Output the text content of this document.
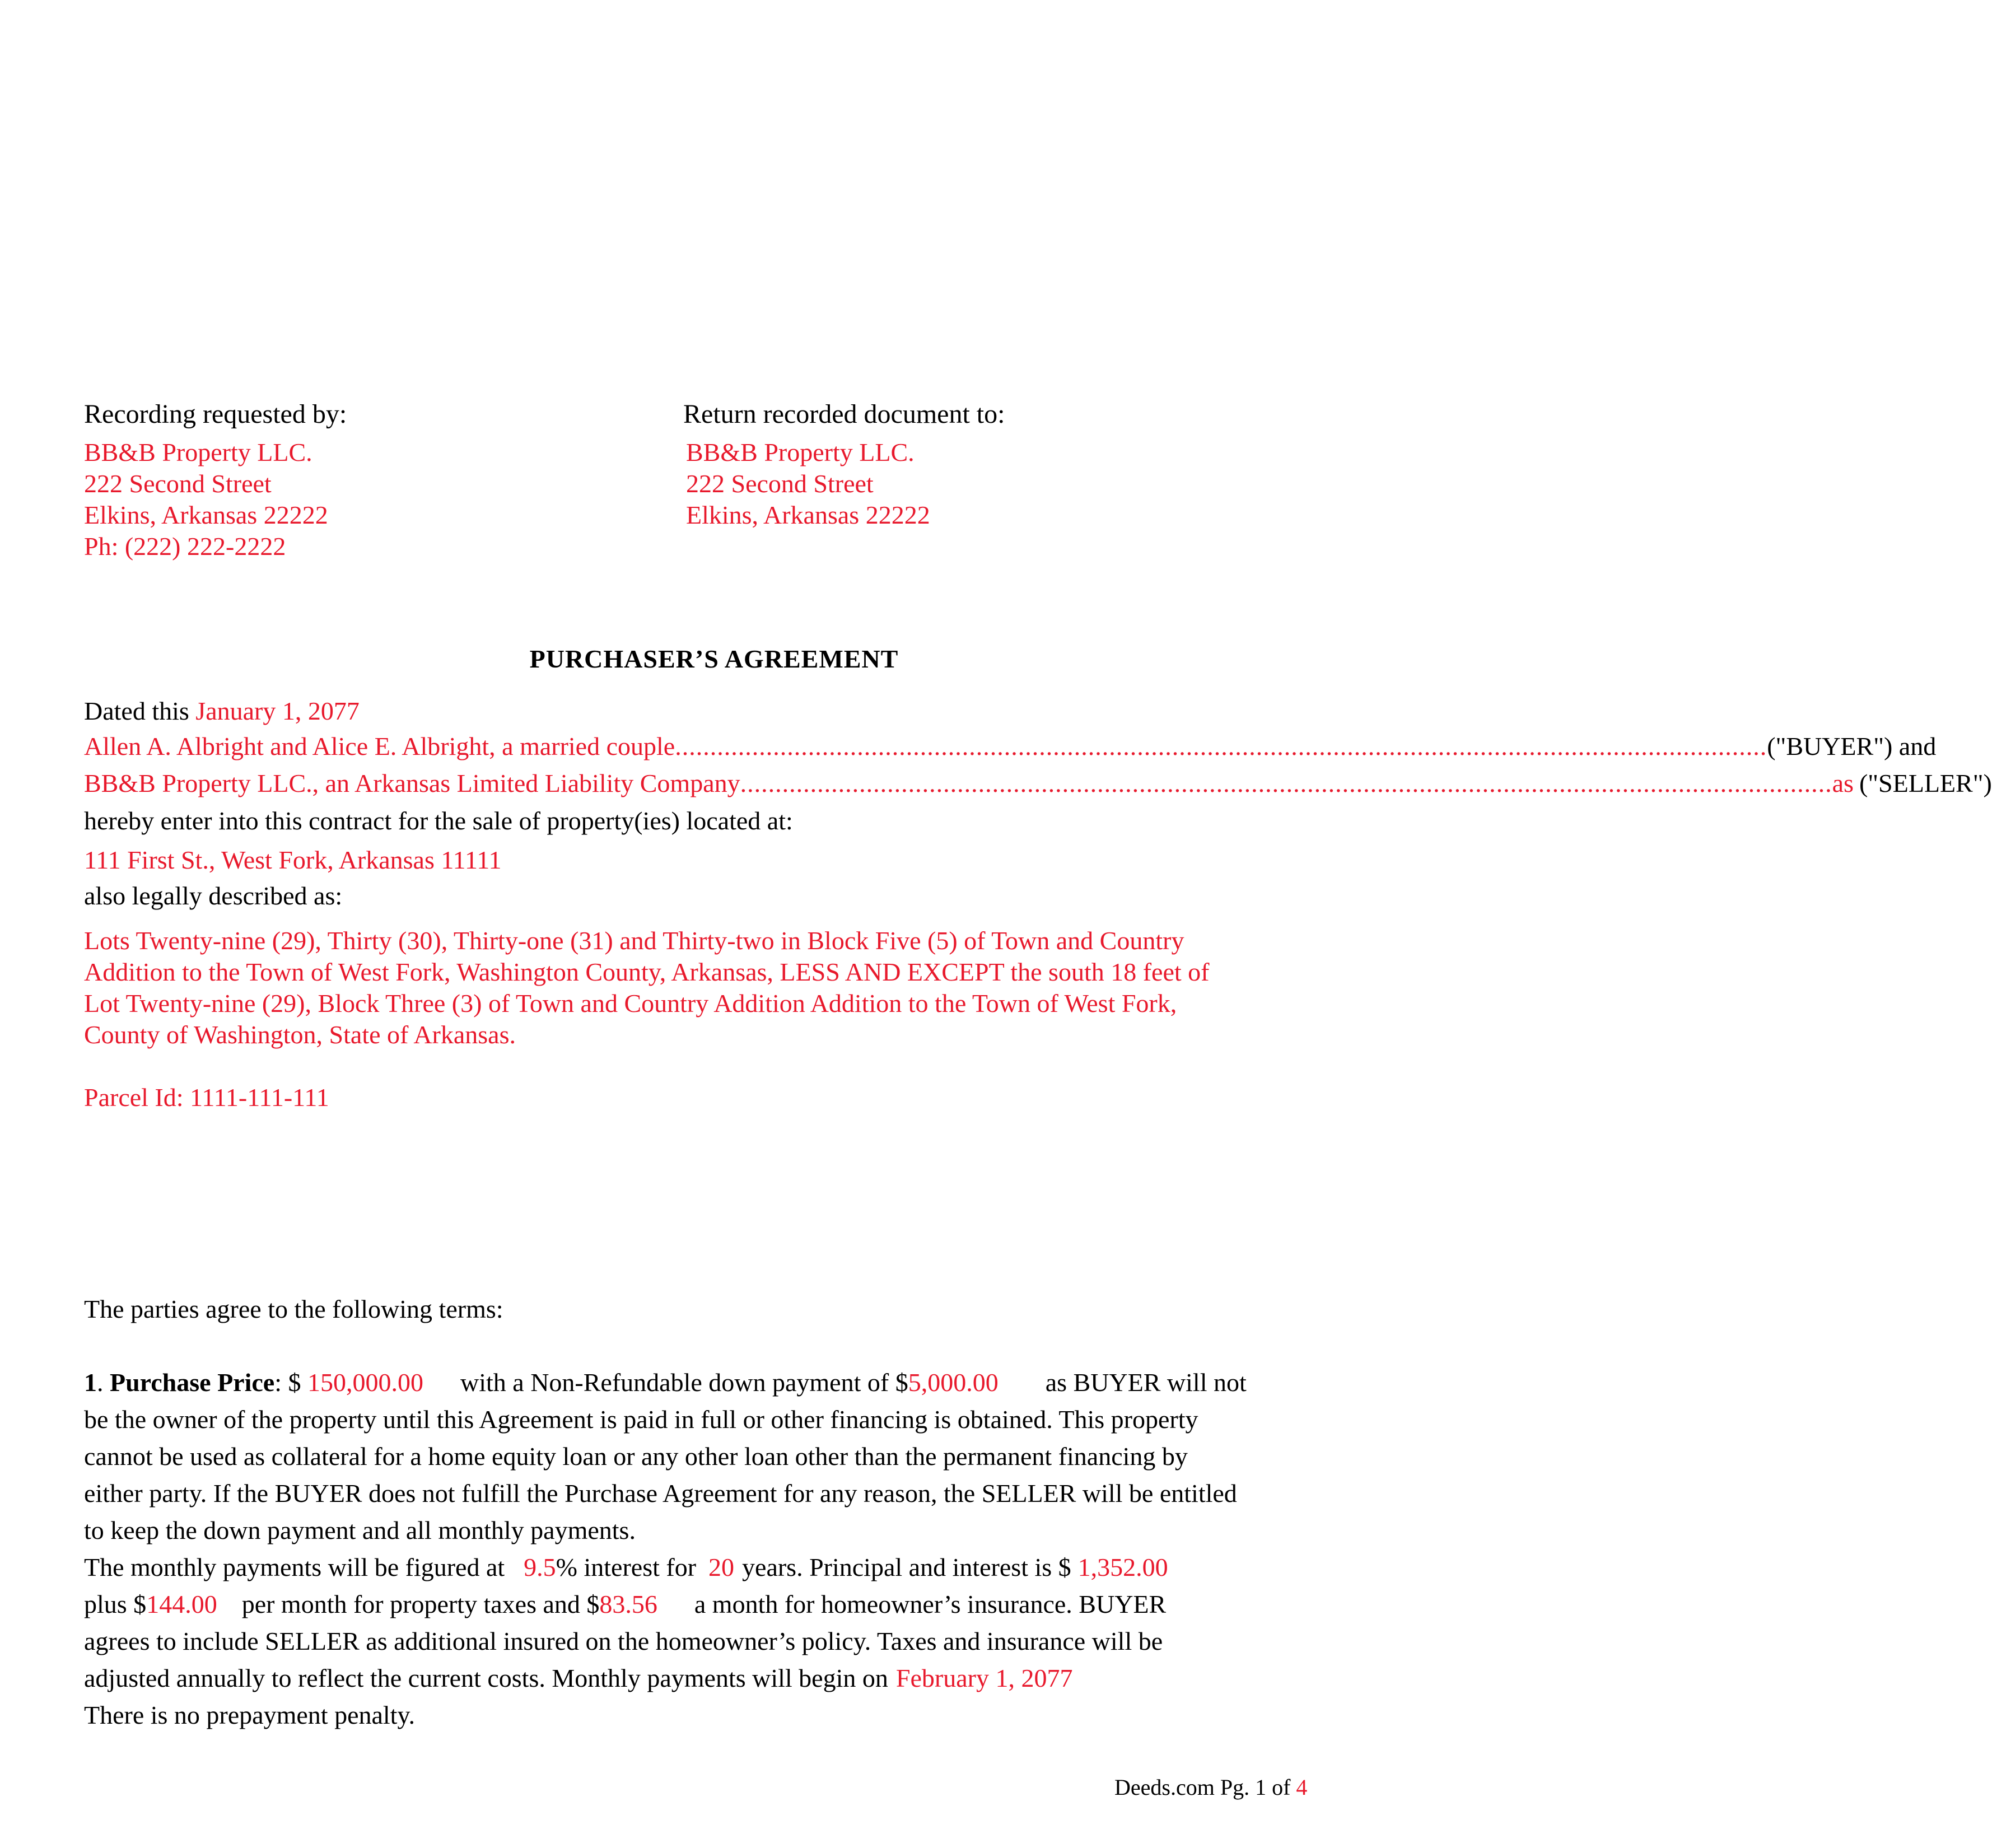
Recording requested by:
BB&B Property LLC.
222 Second Street
Elkins, Arkansas 22222
Ph: (222) 222-2222
Return recorded document to:
BB&B Property LLC.
222 Second Street
Elkins, Arkansas 22222
PURCHASER’S AGREEMENT
Dated this January 1, 2077
Allen A. Albright and Alice E. Albright, a married couple ............................................................................................................................................................ ("BUYER") and
BB&B Property LLC., an Arkansas Limited Liability Company ............................................................................................................................................................ as ("SELLER")
hereby enter into this contract for the sale of property(ies) located at:
111 First St., West Fork, Arkansas 11111
also legally described as:
Lots Twenty-nine (29), Thirty (30), Thirty-one (31) and Thirty-two in Block Five (5) of Town and Country
Addition to the Town of West Fork, Washington County, Arkansas, LESS AND EXCEPT the south 18 feet of
Lot Twenty-nine (29), Block Three (3) of Town and Country Addition Addition to the Town of West Fork,
County of Washington, State of Arkansas.
Parcel Id: 1111-111-111
The parties agree to the following terms:
1. Purchase Price: $ 150,000.00 with a Non-Refundable down payment of $5,000.00 as BUYER will not
be the owner of the property until this Agreement is paid in full or other financing is obtained. This property
cannot be used as collateral for a home equity loan or any other loan other than the permanent financing by
either party. If the BUYER does not fulfill the Purchase Agreement for any reason, the SELLER will be entitled
to keep the down payment and all monthly payments.
The monthly payments will be figured at 9.5% interest for 20 years. Principal and interest is $ 1,352.00
plus $144.00 per month for property taxes and $83.56 a month for homeowner’s insurance. BUYER
agrees to include SELLER as additional insured on the homeowner’s policy. Taxes and insurance will be
adjusted annually to reflect the current costs. Monthly payments will begin on February 1, 2077
There is no prepayment penalty.
Deeds.com Pg. 1 of 4
